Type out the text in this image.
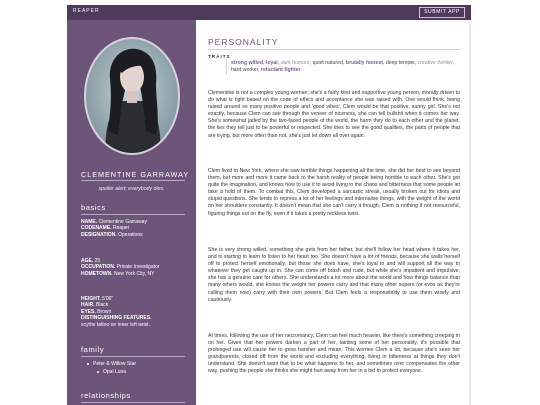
REAPER	SUBMIT APP
CLEMENTINE GARRAWAY
spoiler alert; everybody dies.
basics
NAME. Clementine Garraway
CODENAME. Reaper
DESIGNATION. Operations
AGE. 25
OCCUPATION. Private Investigator
HOMETOWN. New York City, NY
HEIGHT. 5'06"
HAIR. Black
EYES. Brown
DISTINGUISHING FEATURES.
scythe tattoo on inner left wrist.
family
Peter & Willow Star
Opal Luna
relationships
PERSONALITY
TRAITS
strong willed, loyal, dark humour, quiet natured, brutally honest, deep temper, creative thinker, hard worker, reluctant fighter.

Clementine is not a complex young woman; she's a fairly kind and supportive young person, morally driven to do what is right based on the code of ethics and acceptance she was raised with. One would think, being raised around so many positive people and 'good vibes', Clem would be that positive, sunny girl. She's not exactly, because Clem can see through the veneer of niceness, she can tell bullshit when it comes her way. She's somewhat jaded by the two-faced people of the world, the harm they do to each other and the planet, the lies they tell just to be powerful or respected. She tries to see the good qualities, the parts of people that are trying, but more often than not, she's just let down all over again.

Clem lived in New York, where she saw terrible things happening all the time, she did her best to see beyond them, but more and more it came back to the harsh reality of people being horrible to each other. She's got quite the imagination, and knows how to use it to avoid living in the chaos and bitterness that some people let take a hold of them. To combat this, Clem developed a sarcastic streak, usually broken out for idiots and stupid questions. She tends to repress a lot of her feelings and internalise things, with the weight of the world on her shoulders constantly. It doesn't mean that she can't carry it though, Clem is nothing if not resourceful, figuring things out on the fly, even if it takes a pretty reckless twist.

She is very strong willed, something she gets from her father, but she'll follow her head where it takes her, and is starting to learn to listen to her heart too. She doesn't have a lot of friends, because she walls herself off to protect herself emotionally, but those she does have, she's loyal to and will support all the way to whatever they get caught up in. She can come off brash and rude, but while she's impatient and impulsive, she has a genuine care for others. She understands a lot more about the world and how things balance than many others would, she knows the weight her powers carry and that many other supers (or evos as they're calling them now) carry with their own powers. But Clem feels a responsibility to use them wisely and cautiously.

At times, following the use of her necromancy, Clem can feel much heavier, like there's something creeping in on her. Given that her powers darken a part of her, tainting some of her personality, it's possible that prolonged use will cause her to grow harsher and mean. This worries Clem a lot, because she's seen her grandparents, closed off from the world and excluding everything, living in bitterness at things they don't understand. She doesn't want that to be what happens to her, and sometimes over compensates the other way, pushing the people she thinks she might hurt away from her in a bid to protect everyone.
